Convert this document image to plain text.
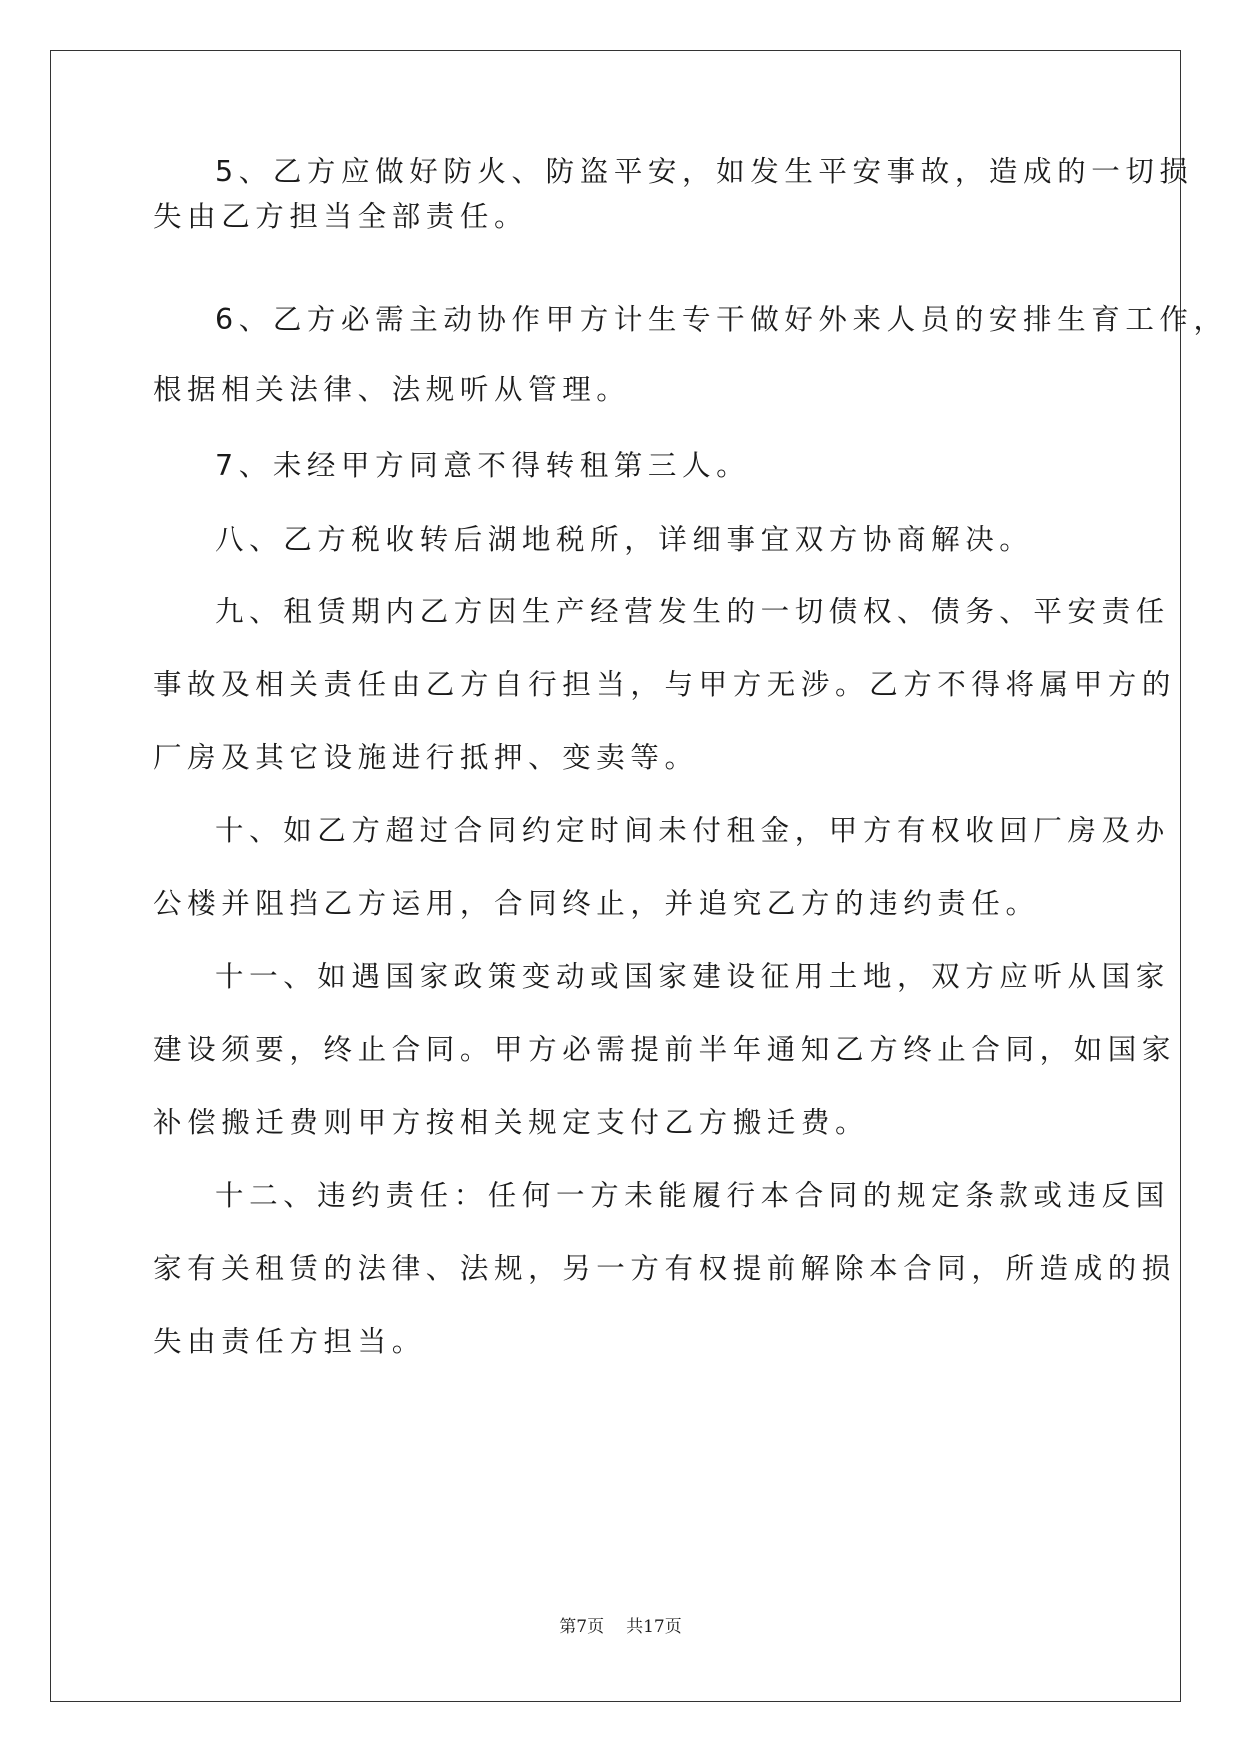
5、乙方应做好防火、防盗平安，如发生平安事故，造成的一切损
失由乙方担当全部责任。
6、乙方必需主动协作甲方计生专干做好外来人员的安排生育工作，
根据相关法律、法规听从管理。
7、未经甲方同意不得转租第三人。
八、乙方税收转后湖地税所，详细事宜双方协商解决。
九、租赁期内乙方因生产经营发生的一切债权、债务、平安责任
事故及相关责任由乙方自行担当，与甲方无涉。乙方不得将属甲方的
厂房及其它设施进行抵押、变卖等。
十、如乙方超过合同约定时间未付租金，甲方有权收回厂房及办
公楼并阻挡乙方运用，合同终止，并追究乙方的违约责任。
十一、如遇国家政策变动或国家建设征用土地，双方应听从国家
建设须要，终止合同。甲方必需提前半年通知乙方终止合同，如国家
补偿搬迁费则甲方按相关规定支付乙方搬迁费。
十二、违约责任：任何一方未能履行本合同的规定条款或违反国
家有关租赁的法律、法规，另一方有权提前解除本合同，所造成的损
失由责任方担当。
第7页 共17页
